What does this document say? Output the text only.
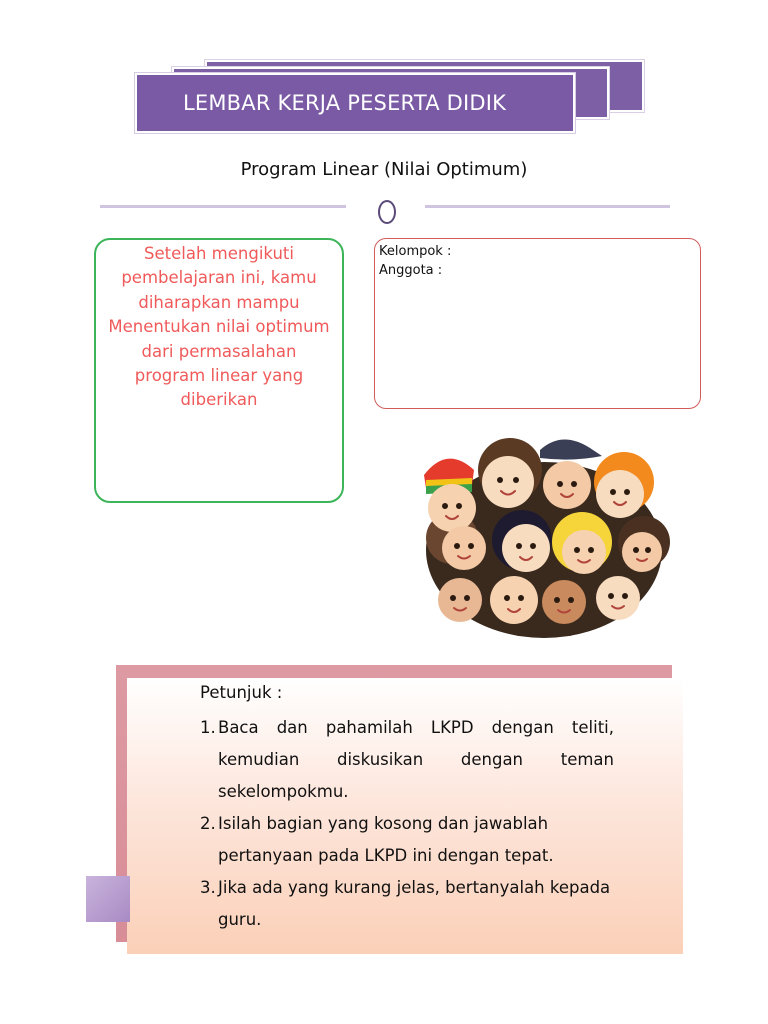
LEMBAR KERJA PESERTA DIDIK
Program Linear (Nilai Optimum)
Setelah mengikuti
pembelajaran ini, kamu
diharapkan mampu
Menentukan nilai optimum
dari permasalahan
program linear yang
diberikan
Kelompok :
Anggota :
Petunjuk :
1. Baca dan pahamilah LKPD dengan teliti, kemudian diskusikan dengan teman sekelompokmu.
2. Isilah bagian yang kosong dan jawablah pertanyaan pada LKPD ini dengan tepat.
3. Jika ada yang kurang jelas, bertanyalah kepada guru.
